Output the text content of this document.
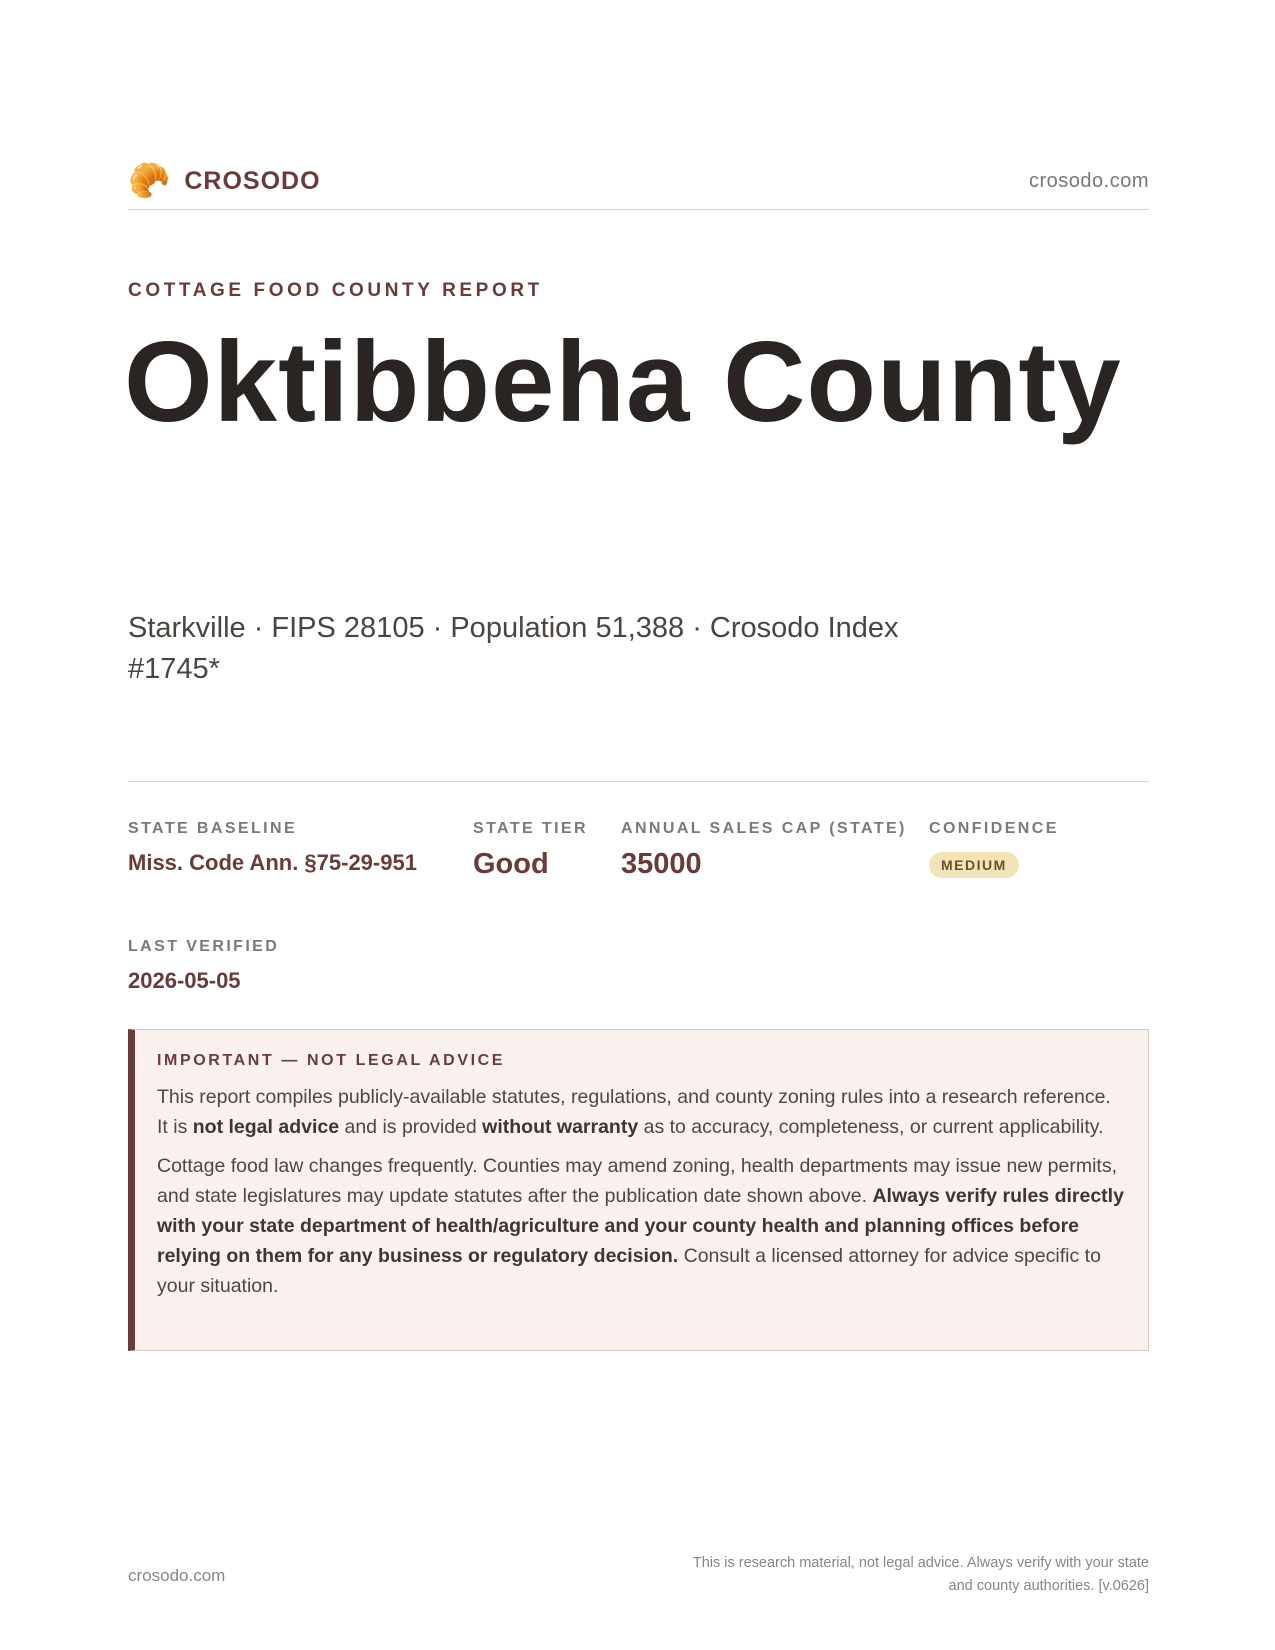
🥐 CROSODO	crosodo.com
COTTAGE FOOD COUNTY REPORT
Oktibbeha County
Starkville · FIPS 28105 · Population 51,388 · Crosodo Index #1745*
STATE BASELINE
Miss. Code Ann. §75-29-951
STATE TIER
Good
ANNUAL SALES CAP (STATE)
35000
CONFIDENCE
MEDIUM
LAST VERIFIED
2026-05-05
IMPORTANT — NOT LEGAL ADVICE

This report compiles publicly-available statutes, regulations, and county zoning rules into a research reference. It is not legal advice and is provided without warranty as to accuracy, completeness, or current applicability.

Cottage food law changes frequently. Counties may amend zoning, health departments may issue new permits, and state legislatures may update statutes after the publication date shown above. Always verify rules directly with your state department of health/agriculture and your county health and planning offices before relying on them for any business or regulatory decision. Consult a licensed attorney for advice specific to your situation.

crosodo.com
This is research material, not legal advice. Always verify with your state
and county authorities. [v.0626]
